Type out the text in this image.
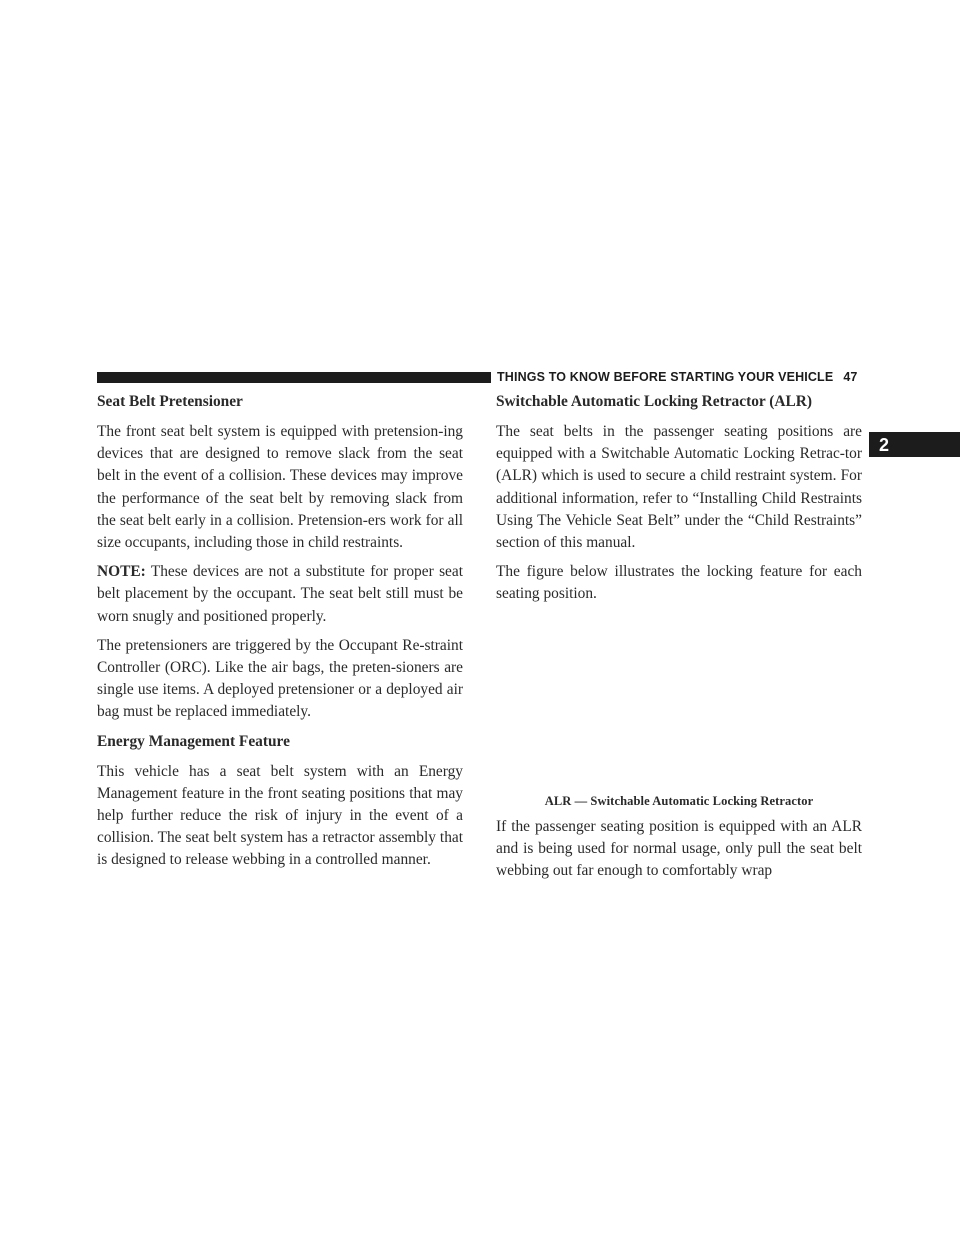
THINGS TO KNOW BEFORE STARTING YOUR VEHICLE 47
2
Seat Belt Pretensioner

The front seat belt system is equipped with pretension-ing devices that are designed to remove slack from the seat belt in the event of a collision. These devices may improve the performance of the seat belt by removing slack from the seat belt early in a collision. Pretension-ers work for all size occupants, including those in child restraints.

NOTE: These devices are not a substitute for proper seat belt placement by the occupant. The seat belt still must be worn snugly and positioned properly.

The pretensioners are triggered by the Occupant Re-straint Controller (ORC). Like the air bags, the preten-sioners are single use items. A deployed pretensioner or a deployed air bag must be replaced immediately.

Energy Management Feature

This vehicle has a seat belt system with an Energy Management feature in the front seating positions that may help further reduce the risk of injury in the event of a collision. The seat belt system has a retractor assembly that is designed to release webbing in a controlled manner.

Switchable Automatic Locking Retractor (ALR)

The seat belts in the passenger seating positions are equipped with a Switchable Automatic Locking Retrac-tor (ALR) which is used to secure a child restraint system. For additional information, refer to “Installing Child Restraints Using The Vehicle Seat Belt” under the “Child Restraints” section of this manual.

The figure below illustrates the locking feature for each seating position.

ALR — Switchable Automatic Locking Retractor

If the passenger seating position is equipped with an ALR and is being used for normal usage, only pull the seat belt webbing out far enough to comfortably wrap
